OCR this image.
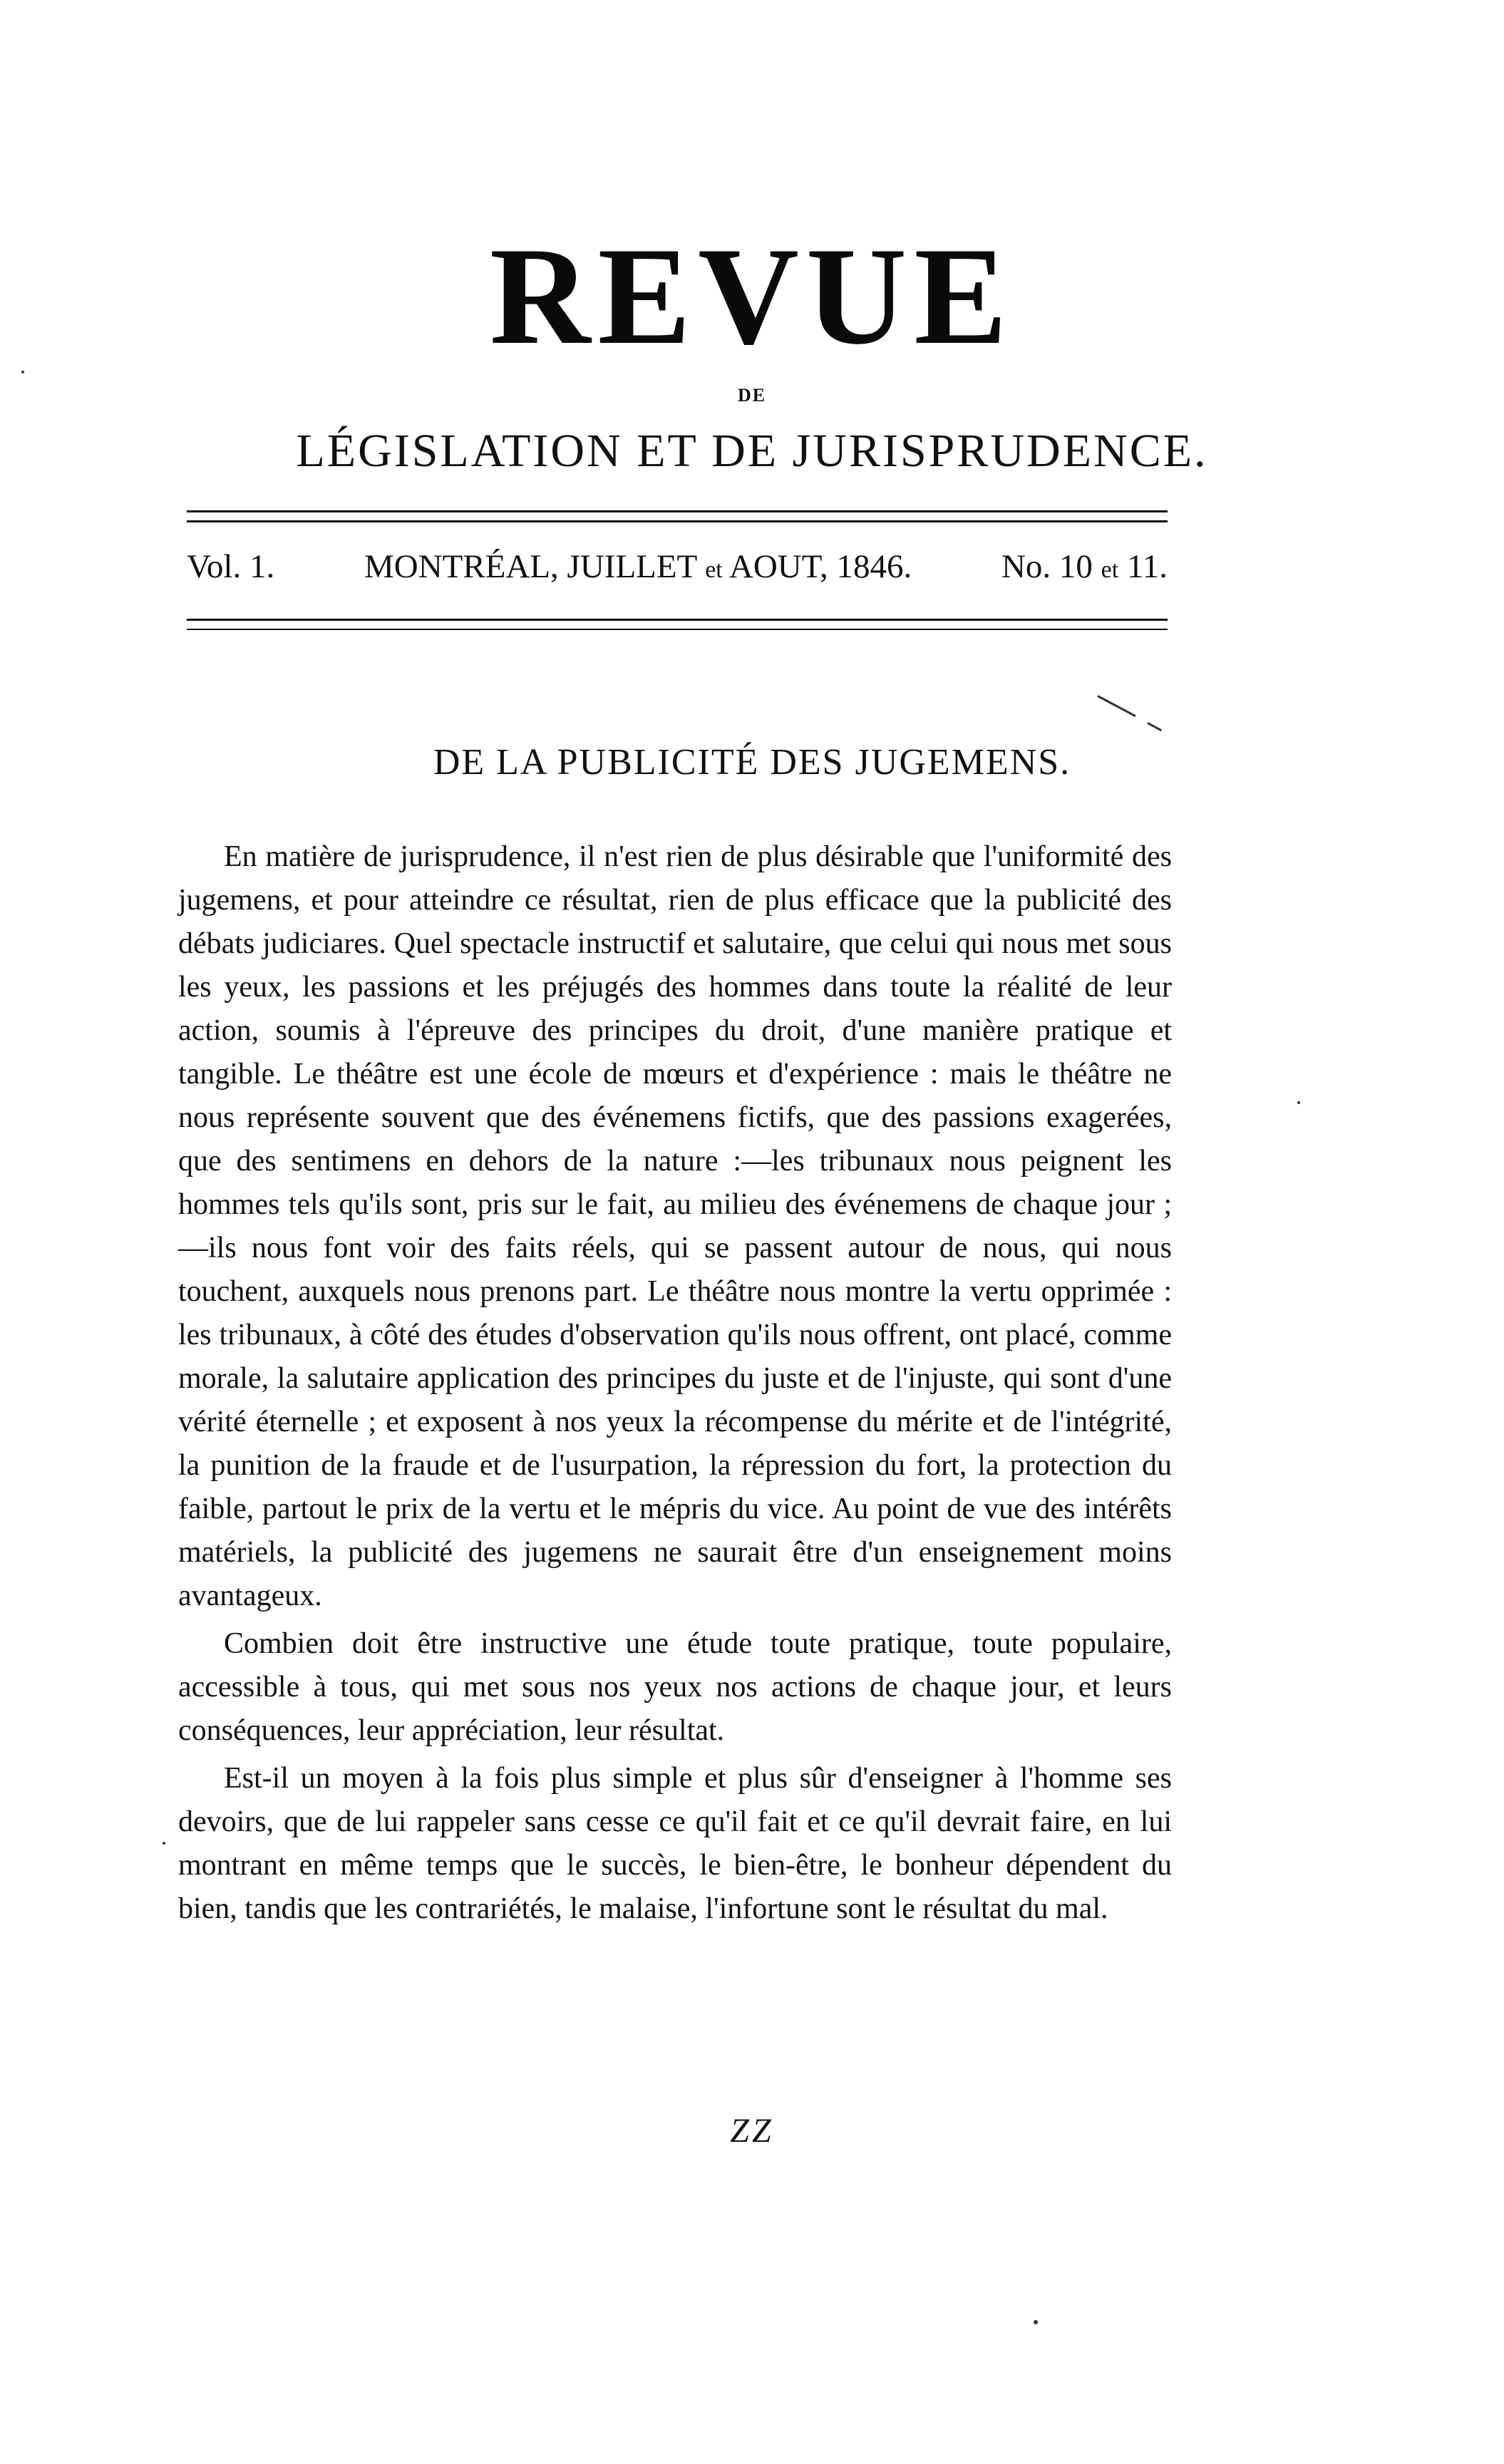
REVUE
DE
LÉGISLATION ET DE JURISPRUDENCE.
Vol. 1.	MONTRÉAL, JUILLET et AOUT, 1846.	No. 10 et 11.
DE LA PUBLICITÉ DES JUGEMENS.

En matière de jurisprudence, il n'est rien de plus désirable que l'uniformité des jugemens, et pour atteindre ce résultat, rien de plus efficace que la publicité des débats judiciares. Quel spectacle instructif et salutaire, que celui qui nous met sous les yeux, les passions et les préjugés des hommes dans toute la réalité de leur action, soumis à l'épreuve des principes du droit, d'une manière pratique et tangible. Le théâtre est une école de mœurs et d'expérience : mais le théâtre ne nous représente souvent que des événemens fictifs, que des passions exagerées, que des sentimens en dehors de la nature :—les tribunaux nous peignent les hommes tels qu'ils sont, pris sur le fait, au milieu des événemens de chaque jour ;—ils nous font voir des faits réels, qui se passent autour de nous, qui nous touchent, auxquels nous prenons part. Le théâtre nous montre la vertu opprimée : les tribunaux, à côté des études d'observation qu'ils nous offrent, ont placé, comme morale, la salutaire application des principes du juste et de l'injuste, qui sont d'une vérité éternelle ; et exposent à nos yeux la récompense du mérite et de l'intégrité, la punition de la fraude et de l'usurpation, la répression du fort, la protection du faible, partout le prix de la vertu et le mépris du vice. Au point de vue des intérêts matériels, la publicité des jugemens ne saurait être d'un enseignement moins avantageux.

Combien doit être instructive une étude toute pratique, toute populaire, accessible à tous, qui met sous nos yeux nos actions de chaque jour, et leurs conséquences, leur appréciation, leur résultat.

Est-il un moyen à la fois plus simple et plus sûr d'enseigner à l'homme ses devoirs, que de lui rappeler sans cesse ce qu'il fait et ce qu'il devrait faire, en lui montrant en même temps que le succès, le bien-être, le bonheur dépendent du bien, tandis que les contrariétés, le malaise, l'infortune sont le résultat du mal.

ZZ
